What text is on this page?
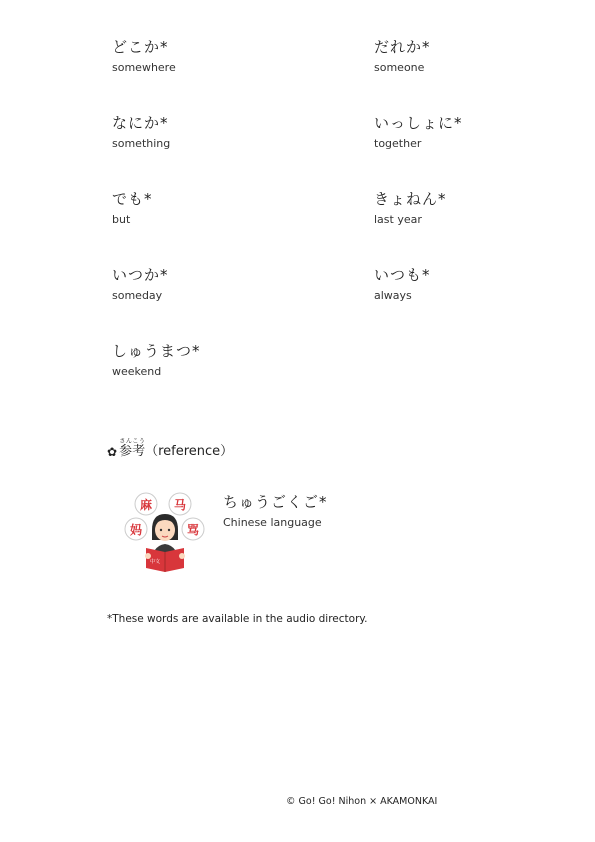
どこか*
somewhere
だれか*
someone
なにか*
something
いっしょに*
together
でも*
but
きょねん*
last year
いつか*
someday
いつも*
always
しゅうまつ*
weekend
✿ 参考さんこう
（reference）
麻 马
妈	骂
中文
ちゅうごくご*
Chinese language
*These words are available in the audio directory.
© Go! Go! Nihon × AKAMONKAI
